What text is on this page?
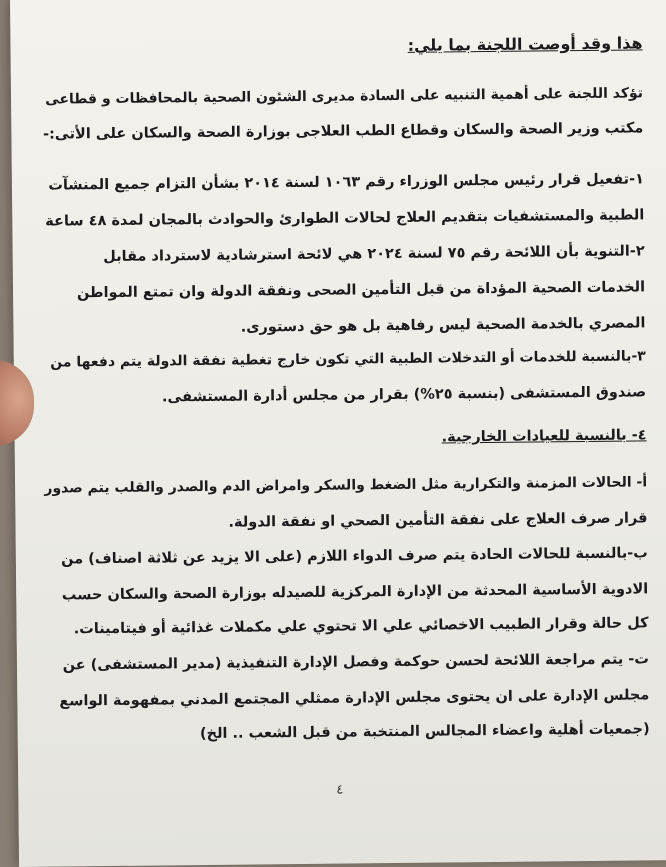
هذا وقد أوصت اللجنة بما يلي:
تؤكد اللجنة على أهمية التنبيه على السادة مديرى الشئون الصحية بالمحافظات و قطاعى
مكتب وزير الصحة والسكان وقطاع الطب العلاجى بوزارة الصحة والسكان على الأتى:-
١-تفعيل قرار رئيس مجلس الوزراء رقم ١٠٦٣ لسنة ٢٠١٤ بشأن التزام جميع المنشآت
الطبية والمستشفيات بتقديم العلاج لحالات الطوارئ والحوادث بالمجان لمدة ٤٨ ساعة
٢-التنوية بأن اللائحة رقم ٧٥ لسنة ٢٠٢٤ هي لائحة استرشادية لاسترداد مقابل
الخدمات الصحية المؤداة من قبل التأمين الصحى ونفقة الدولة وان تمتع المواطن
المصري بالخدمة الصحية ليس رفاهية بل هو حق دستورى.
٣-بالنسبة للخدمات أو التدخلات الطبية التي تكون خارج تغطية نفقة الدولة يتم دفعها من
صندوق المستشفى (بنسبة ٢٥%) بقرار من مجلس أدارة المستشفى.
٤- بالنسبة للعيادات الخارجية.
أ- الحالات المزمنة والتكرارية مثل الضغط والسكر وامراض الدم والصدر والقلب يتم صدور
قرار صرف العلاج على نفقة التأمين الصحي او نفقة الدولة.
ب-بالنسبة للحالات الحادة يتم صرف الدواء اللازم (على الا يزيد عن ثلاثة اصناف) من
الادوية الأساسية المحدثة من الإدارة المركزية للصيدله بوزارة الصحة والسكان حسب
كل حالة وقرار الطبيب الاخصائي علي الا تحتوي علي مكملات غذائية أو فيتامينات.
ت- يتم مراجعة اللائحة لحسن حوكمة وفصل الإدارة التنفيذية (مدير المستشفى) عن
مجلس الإدارة على ان يحتوى مجلس الإدارة ممثلي المجتمع المدني بمفهومة الواسع
(جمعيات أهلية واعضاء المجالس المنتخبة من قبل الشعب .. الخ)
٤
